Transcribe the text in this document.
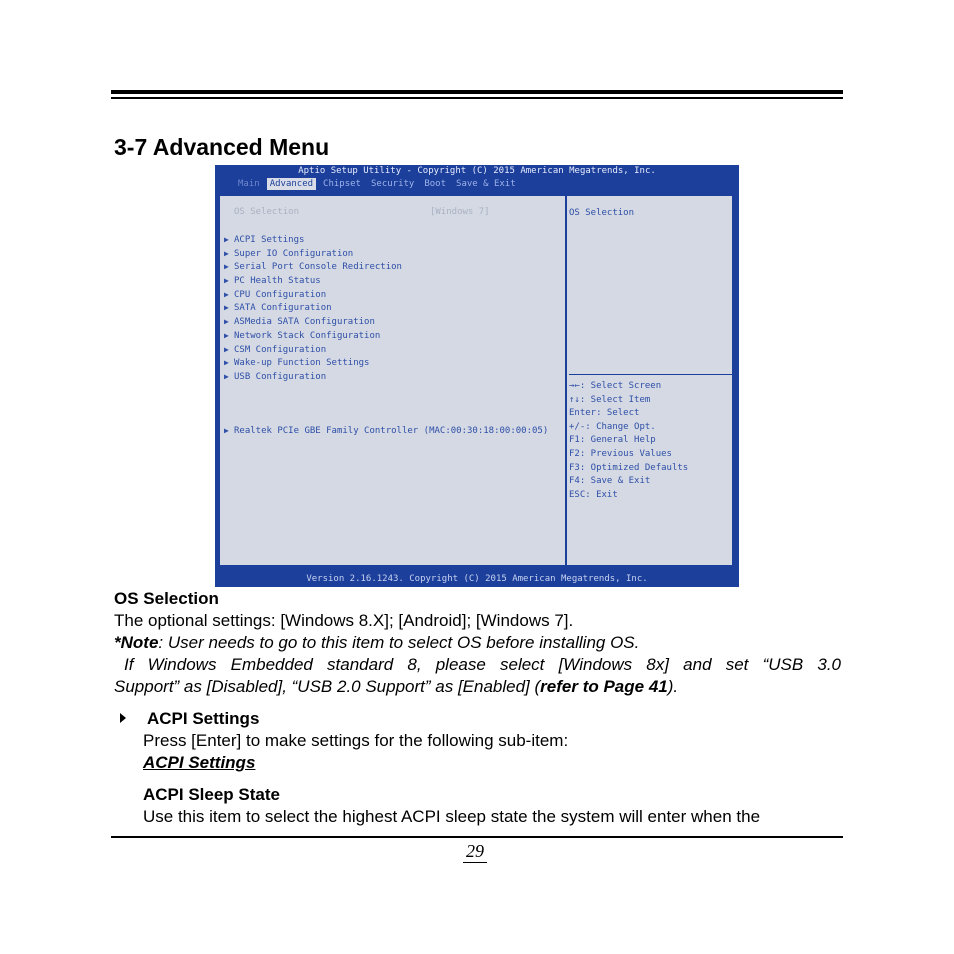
3-7 Advanced Menu
Aptio Setup Utility - Copyright (C) 2015 American Megatrends, Inc.
Main	Advanced	Chipset	Security	Boot	Save & Exit
OS Selection	[Windows 7]
▶ ACPI Settings
▶ Super IO Configuration
▶ Serial Port Console Redirection
▶ PC Health Status
▶ CPU Configuration
▶ SATA Configuration
▶ ASMedia SATA Configuration
▶ Network Stack Configuration
▶ CSM Configuration
▶ Wake-up Function Settings
▶ USB Configuration
▶ Realtek PCIe GBE Family Controller (MAC:00:30:18:00:00:05)
OS Selection
→←: Select Screen
↑↓: Select Item
Enter: Select
+/-: Change Opt.
F1: General Help
F2: Previous Values
F3: Optimized Defaults
F4: Save & Exit
ESC: Exit
Version 2.16.1243. Copyright (C) 2015 American Megatrends, Inc.
OS Selection

The optional settings: [Windows 8.X]; [Android]; [Windows 7].

*Note: User needs to go to this item to select OS before installing OS.

If Windows Embedded standard 8, please select [Windows 8x] and set “USB 3.0

Support” as [Disabled], “USB 2.0 Support” as [Enabled] (refer to Page 41).

ACPI Settings

Press [Enter] to make settings for the following sub-item:

ACPI Settings

ACPI Sleep State

Use this item to select the highest ACPI sleep state the system will enter when the

29
